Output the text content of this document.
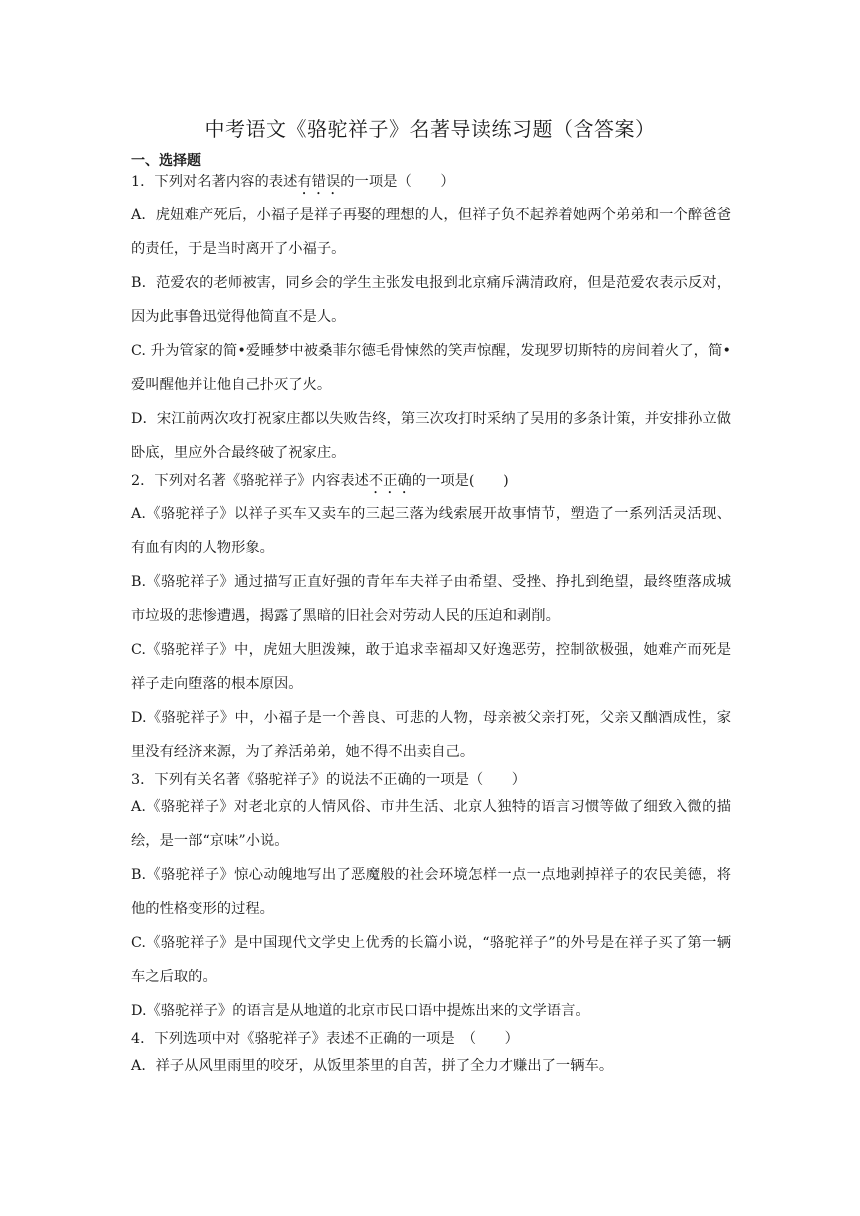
中考语文《骆驼祥子》名著导读练习题（含答案）
一、选择题
1．下列对名著内容的表述有错误的一项是（　　）
A．虎妞难产死后，小福子是祥子再娶的理想的人，但祥子负不起养着她两个弟弟和一个醉爸爸的责任，于是当时离开了小福子。
B．范爱农的老师被害，同乡会的学生主张发电报到北京痛斥满清政府，但是范爱农表示反对，因为此事鲁迅觉得他简直不是人。
C. 升为管家的简•爱睡梦中被桑菲尔德毛骨悚然的笑声惊醒，发现罗切斯特的房间着火了，简•爱叫醒他并让他自己扑灭了火。
D．宋江前两次攻打祝家庄都以失败告终，第三次攻打时采纳了吴用的多条计策，并安排孙立做卧底，里应外合最终破了祝家庄。
2．下列对名著《骆驼祥子》内容表述不正确的一项是(　　)
A.《骆驼祥子》以祥子买车又卖车的三起三落为线索展开故事情节，塑造了一系列活灵活现、有血有肉的人物形象。
B.《骆驼祥子》通过描写正直好强的青年车夫祥子由希望、受挫、挣扎到绝望，最终堕落成城市垃圾的悲惨遭遇，揭露了黑暗的旧社会对劳动人民的压迫和剥削。
C.《骆驼祥子》中，虎妞大胆泼辣，敢于追求幸福却又好逸恶劳，控制欲极强，她难产而死是祥子走向堕落的根本原因。
D.《骆驼祥子》中，小福子是一个善良、可悲的人物，母亲被父亲打死，父亲又酗酒成性，家里没有经济来源，为了养活弟弟，她不得不出卖自己。
3．下列有关名著《骆驼祥子》的说法不正确的一项是（　　）
A.《骆驼祥子》对老北京的人情风俗、市井生活、北京人独特的语言习惯等做了细致入微的描绘，是一部“京味”小说。
B.《骆驼祥子》惊心动魄地写出了恶魔般的社会环境怎样一点一点地剥掉祥子的农民美德，将他的性格变形的过程。
C.《骆驼祥子》是中国现代文学史上优秀的长篇小说，“骆驼祥子”的外号是在祥子买了第一辆车之后取的。
D.《骆驼祥子》的语言是从地道的北京市民口语中提炼出来的文学语言。
4．下列选项中对《骆驼祥子》表述不正确的一项是　（　　）
A．祥子从风里雨里的咬牙，从饭里茶里的自苦，拼了全力才赚出了一辆车。
